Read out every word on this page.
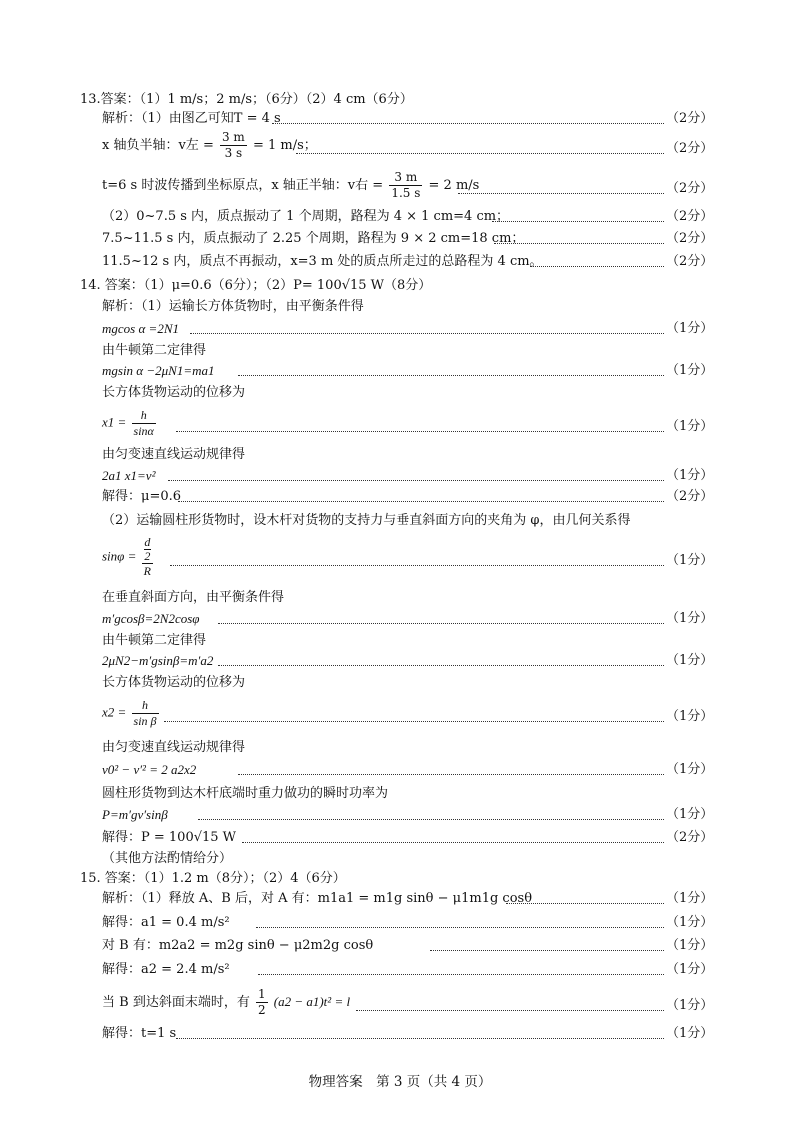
13.答案：（1）1 m/s；2 m/s；（6分）（2）4 cm（6分）
解析：（1）由图乙可知T = 4 s	（2分）
x 轴负半轴：v左 = $\frac{3 m}{3 s} = 1$ m/s；	（2分）
t=6 s 时波传播到坐标原点，x 轴正半轴：v右 = $\frac{3 m}{1.5 s} = 2$ m/s	（2分）
（2）0~7.5 s 内，质点振动了 1 个周期，路程为 4 × 1 cm=4 cm；	（2分）
7.5~11.5 s 内，质点振动了 2.25 个周期，路程为 9 × 2 cm=18 cm；	（2分）
11.5~12 s 内，质点不再振动，x=3 m 处的质点所走过的总路程为 4 cm。	（2分）
14. 答案：（1）μ=0.6（6分）；（2）P= 100√15 W（8分）
解析：（1）运输长方体货物时，由平衡条件得
mgcos α =2N1	（1分）
由牛顿第二定律得
mgsin α −2μN1=ma1	（1分）
长方体货物运动的位移为
$x1 = \frac{h}{\sin\alpha}$	（1分）
由匀变速直线运动规律得
2a1 x1=v²	（1分）
解得：μ=0.6	（2分）
（2）运输圆柱形货物时，设木杆对货物的支持力与垂直斜面方向的夹角为 φ，由几何关系得
sinφ = d
2
R	（1分）
在垂直斜面方向，由平衡条件得
m′gcosβ=2N2cosφ	（1分）
由牛顿第二定律得
2μN2−m′gsinβ=m′a2	（1分）
长方体货物运动的位移为
$x2 = \frac{h}{\text{sin β}}$	（1分）
由匀变速直线运动规律得
v0² − v′² = 2 a2x2	（1分）
圆柱形货物到达木杆底端时重力做功的瞬时功率为
P=m′gv′sinβ	（1分）
解得：P = 100√15 W	（2分）
（其他方法酌情给分）
15. 答案：（1）1.2 m（8分）；（2）4（6分）
解析：（1）释放 A、B 后，对 A 有：m1a1 = m1g sinθ − μ1m1g cosθ	（1分）
解得：a1 = 0.4 m/s²	（1分）
对 B 有：m2a2 = m2g sinθ − μ2m2g cosθ	（1分）
解得：a2 = 2.4 m/s²	（1分）
当 B 到达斜面末端时，有 $\frac{1}{2} (a2 - a1)t^2 = l$	（1分）
解得：t=1 s	（1分）
物理答案　第 3 页（共 4 页）
